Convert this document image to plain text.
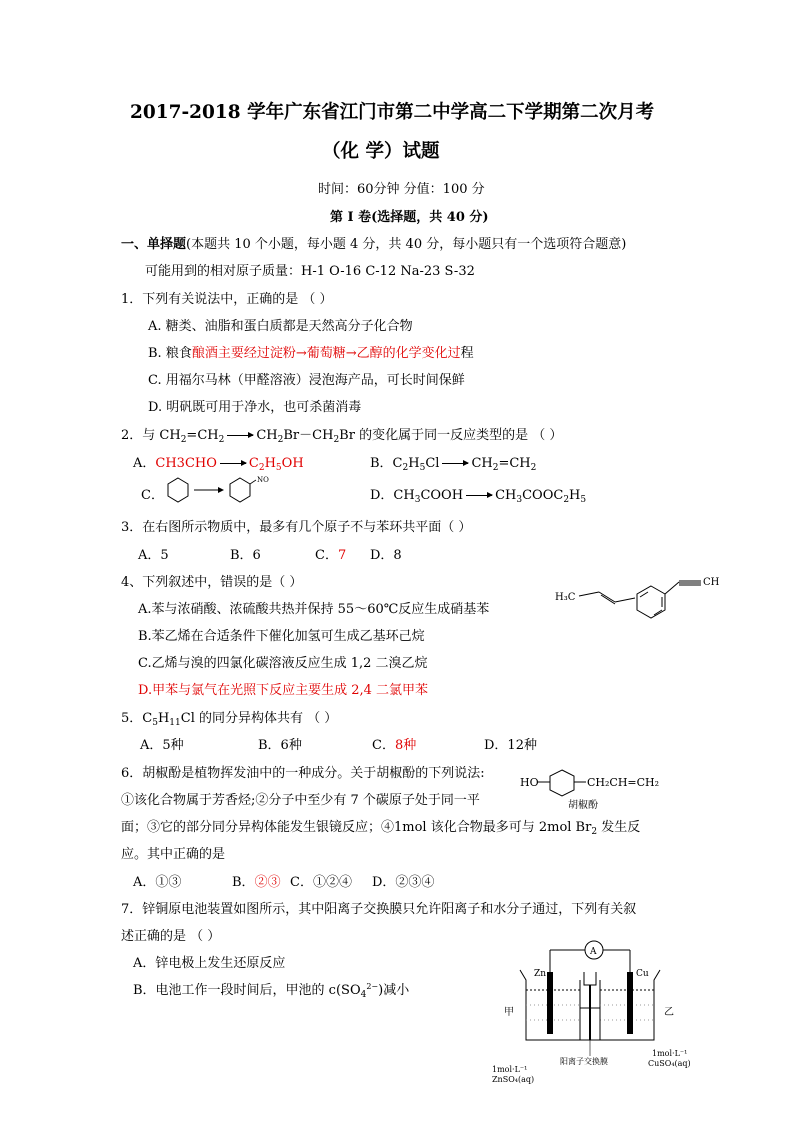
2017-2018 学年广东省江门市第二中学高二下学期第二次月考
（化 学）试题
时间：60分钟 分值：100 分
第 I 卷(选择题，共 40 分)
一、单择题(本题共 10 个小题，每小题 4 分，共 40 分，每小题只有一个选项符合题意)
可能用到的相对原子质量：H-1 O-16 C-12 Na-23 S-32
1．下列有关说法中，正确的是 （ ）
A. 糖类、油脂和蛋白质都是天然高分子化合物
B. 粮食酿酒主要经过淀粉→葡萄糖→乙醇的化学变化过程
C. 用福尔马林（甲醛溶液）浸泡海产品，可长时间保鲜
D. 明矾既可用于净水，也可杀菌消毒
2．与 $CH_2=CH_2 \to CH_2Br-CH_2Br$ 的变化属于同一反应类型的是 （ ）
A．$CH3CHO \to C_2H_5OH$	B．$C_2H_5Cl \to CH_2=CH_2$
C．
NO
D．$CH_3COOH$ → $CH_3COOC_2H_5$
3．在右图所示物质中，最多有几个原子不与苯环共平面（ ）
A．5	B．6	C．7 D．8
H₃C
CH
4、下列叙述中，错误的是（ ）
A.苯与浓硝酸、浓硫酸共热并保持 55～60℃反应生成硝基苯
B.苯乙烯在合适条件下催化加氢可生成乙基环己烷
C.乙烯与溴的四氯化碳溶液反应生成 1,2 二溴乙烷
D.甲苯与氯气在光照下反应主要生成 2,4 二氯甲苯
5．$C_5H_{11}Cl$ 的同分异构体共有 （ ）
A．5种	B．6种	C．8种	D．12种
6．胡椒酚是植物挥发油中的一种成分。关于胡椒酚的下列说法:
①该化合物属于芳香烃;②分子中至少有 7 个碳原子处于同一平
面；③它的部分同分异构体能发生银镜反应；④1mol 该化合物最多可与 2mol $Br_2$ 发生反
应。其中正确的是
A．①③	B．②③ C．①②④ D．②③④
HO	CH₂CH=CH₂
胡椒酚
7．锌铜原电池装置如图所示，其中阳离子交换膜只允许阳离子和水分子通过，下列有关叙
述正确的是 （ ）
A．锌电极上发生还原反应
B．电池工作一段时间后，甲池的 $c(SO_4^{2-})$减小
A
Zn	Cu
甲	乙
阳离子交换膜
1mol·L⁻¹
ZnSO₄(aq)
1mol·L⁻¹
CuSO₄(aq)
